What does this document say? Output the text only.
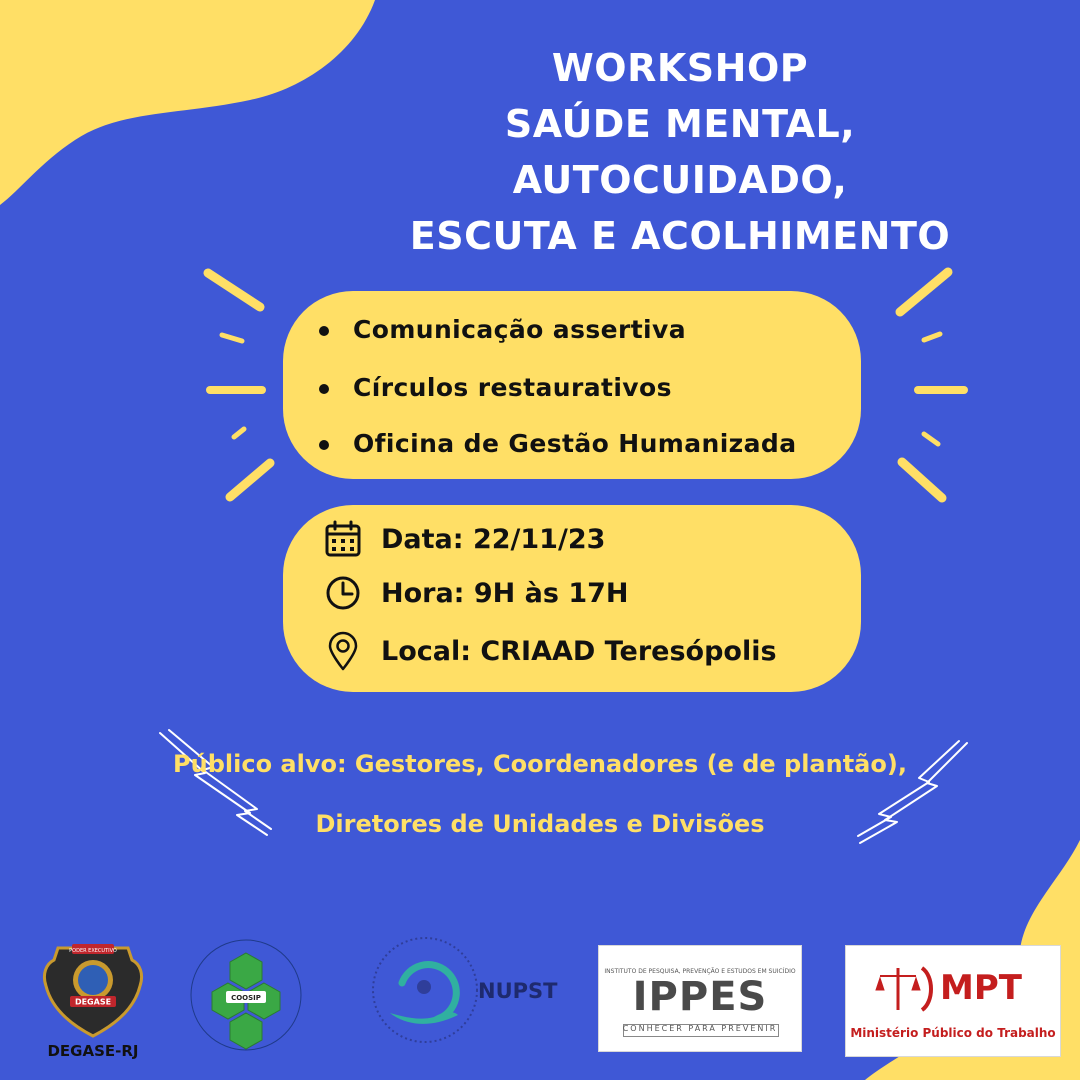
WORKSHOP
SAÚDE MENTAL, AUTOCUIDADO,
ESCUTA E ACOLHIMENTO
Comunicação assertiva
Círculos restaurativos
Oficina de Gestão Humanizada
Data: 22/11/23
Hora: 9H às 17H
Local: CRIAAD Teresópolis
Público alvo: Gestores, Coordenadores (e de plantão),
Diretores de Unidades e Divisões
PODER EXECUTIVO
DEGASE
DEGASE-RJ
COOSIP	NUPST
INSTITUTO DE PESQUISA, PREVENÇÃO E ESTUDOS EM SUICÍDIO
IPPES
CONHECER PARA PREVENIR
MPT
Ministério Público do Trabalho
